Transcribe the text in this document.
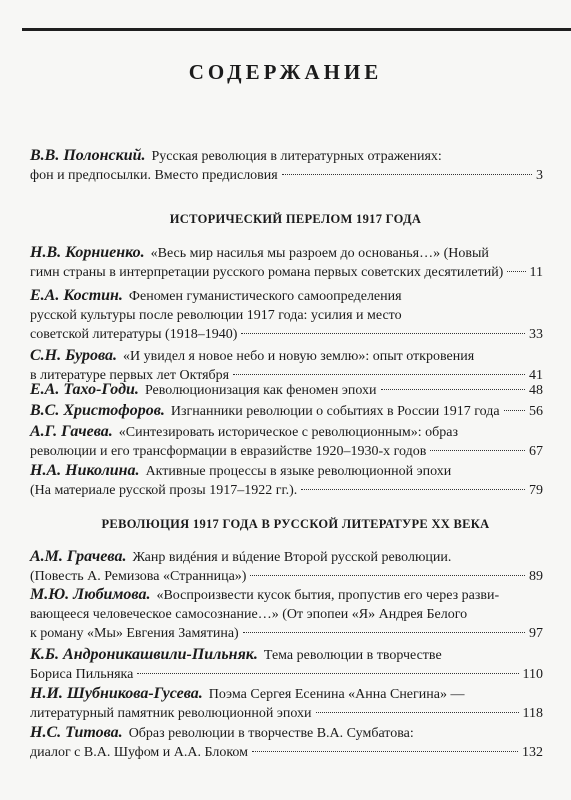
СОДЕРЖАНИЕ
ИСТОРИЧЕСКИЙ ПЕРЕЛОМ 1917 ГОДА
РЕВОЛЮЦИЯ 1917 ГОДА В РУССКОЙ ЛИТЕРАТУРЕ XX ВЕКА
В.В. Полонский. Русская революция в литературных отражениях:
фон и предпосылки. Вместо предисловия	3
Н.В. Корниенко. «Весь мир насилья мы разроем до основанья…» (Новый
гимн страны в интерпретации русского романа первых советских десятилетий) 11
Е.А. Костин. Феномен гуманистического самоопределения
русской культуры после революции 1917 года: усилия и место
советской литературы (1918–1940)	33
С.Н. Бурова. «И увидел я новое небо и новую землю»: опыт откровения
в литературе первых лет Октября	41
Е.А. Тахо-Годи. Революционизация как феномен эпохи	48
В.С. Христофоров. Изгнанники революции о событиях в России 1917 года 56
А.Г. Гачева. «Синтезировать историческое с революционным»: образ
революции и его трансформации в евразийстве 1920–1930-х годов	67
Н.А. Николина. Активные процессы в языке революционной эпохи
(На материале русской прозы 1917–1922 гг.).	79
А.М. Грачева. Жанр видéния и вúдение Второй русской революции.
(Повесть А. Ремизова «Странница»)	89
М.Ю. Любимова. «Воспроизвести кусок бытия, пропустив его через разви-
вающееся человеческое самосознание…» (От эпопеи «Я» Андрея Белого
к роману «Мы» Евгения Замятина)	97
К.Б. Андроникашвили-Пильняк. Тема революции в творчестве
Бориса Пильняка	110
Н.И. Шубникова-Гусева. Поэма Сергея Есенина «Анна Снегина» —
литературный памятник революционной эпохи	118
Н.С. Титова. Образ революции в творчестве В.А. Сумбатова:
диалог с В.А. Шуфом и А.А. Блоком	132
